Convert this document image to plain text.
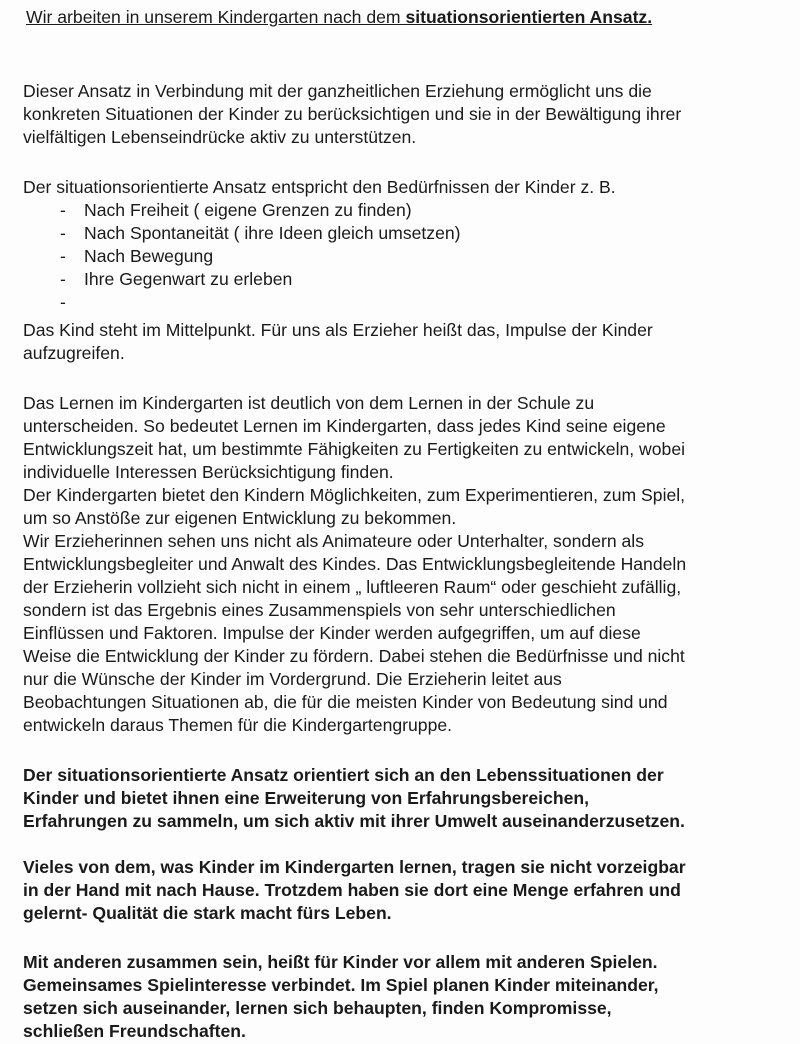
Wir arbeiten in unserem Kindergarten nach dem situationsorientierten Ansatz.
Dieser Ansatz in Verbindung mit der ganzheitlichen Erziehung ermöglicht uns die
konkreten Situationen der Kinder zu berücksichtigen und sie in der Bewältigung ihrer
vielfältigen Lebenseindrücke aktiv zu unterstützen.
Der situationsorientierte Ansatz entspricht den Bedürfnissen der Kinder z. B.
- Nach Freiheit ( eigene Grenzen zu finden)
- Nach Spontaneität ( ihre Ideen gleich umsetzen)
- Nach Bewegung
- Ihre Gegenwart zu erleben
-
Das Kind steht im Mittelpunkt. Für uns als Erzieher heißt das, Impulse der Kinder
aufzugreifen.
Das Lernen im Kindergarten ist deutlich von dem Lernen in der Schule zu
unterscheiden. So bedeutet Lernen im Kindergarten, dass jedes Kind seine eigene
Entwicklungszeit hat, um bestimmte Fähigkeiten zu Fertigkeiten zu entwickeln, wobei
individuelle Interessen Berücksichtigung finden.
Der Kindergarten bietet den Kindern Möglichkeiten, zum Experimentieren, zum Spiel,
um so Anstöße zur eigenen Entwicklung zu bekommen.
Wir Erzieherinnen sehen uns nicht als Animateure oder Unterhalter, sondern als
Entwicklungsbegleiter und Anwalt des Kindes. Das Entwicklungsbegleitende Handeln
der Erzieherin vollzieht sich nicht in einem „ luftleeren Raum“ oder geschieht zufällig,
sondern ist das Ergebnis eines Zusammenspiels von sehr unterschiedlichen
Einflüssen und Faktoren. Impulse der Kinder werden aufgegriffen, um auf diese
Weise die Entwicklung der Kinder zu fördern. Dabei stehen die Bedürfnisse und nicht
nur die Wünsche der Kinder im Vordergrund. Die Erzieherin leitet aus
Beobachtungen Situationen ab, die für die meisten Kinder von Bedeutung sind und
entwickeln daraus Themen für die Kindergartengruppe.
Der situationsorientierte Ansatz orientiert sich an den Lebenssituationen der
Kinder und bietet ihnen eine Erweiterung von Erfahrungsbereichen,
Erfahrungen zu sammeln, um sich aktiv mit ihrer Umwelt auseinanderzusetzen.
Vieles von dem, was Kinder im Kindergarten lernen, tragen sie nicht vorzeigbar
in der Hand mit nach Hause. Trotzdem haben sie dort eine Menge erfahren und
gelernt- Qualität die stark macht fürs Leben.
Mit anderen zusammen sein, heißt für Kinder vor allem mit anderen Spielen.
Gemeinsames Spielinteresse verbindet. Im Spiel planen Kinder miteinander,
setzen sich auseinander, lernen sich behaupten, finden Kompromisse,
schließen Freundschaften.
